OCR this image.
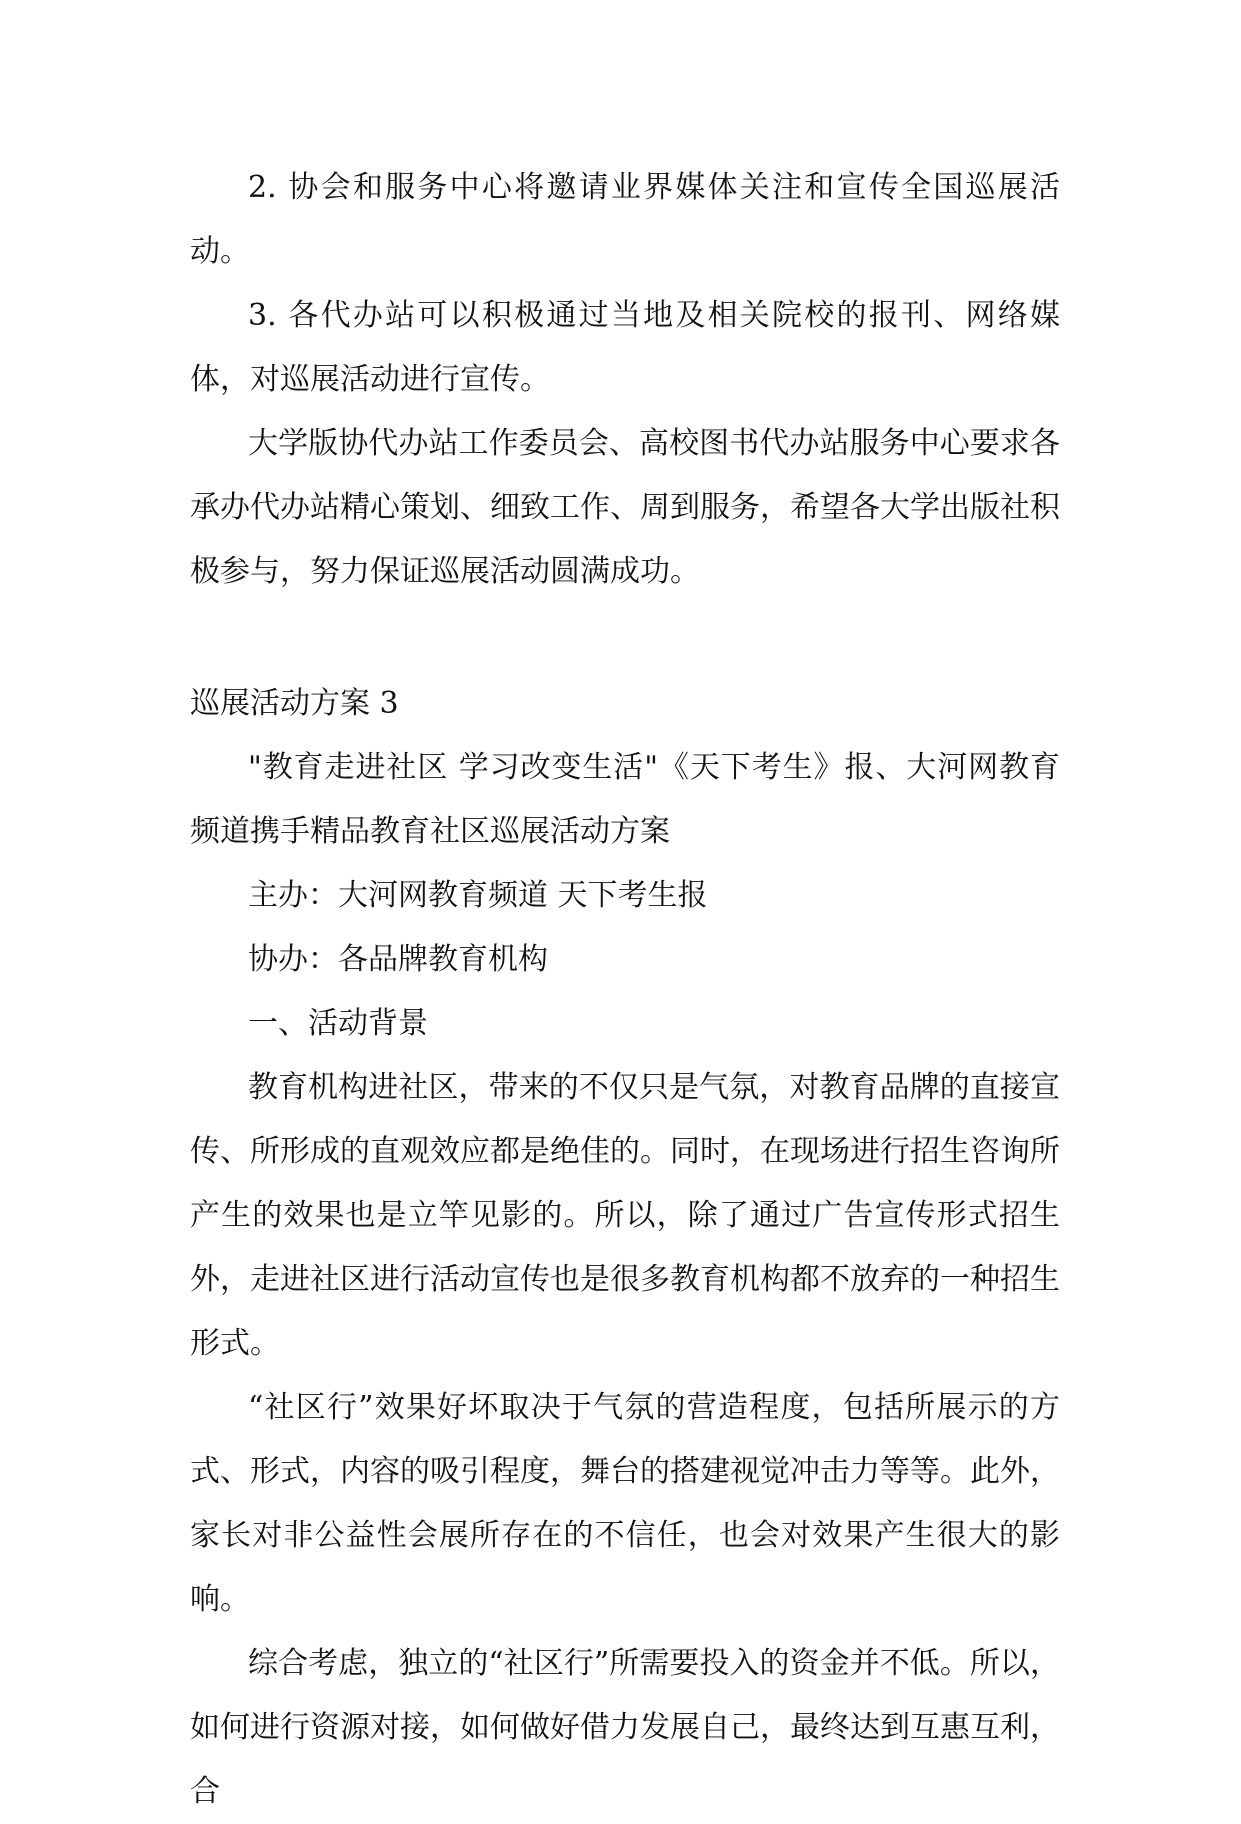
2. 协会和服务中心将邀请业界媒体关注和宣传全国巡展活动。

3. 各代办站可以积极通过当地及相关院校的报刊、网络媒体，对巡展活动进行宣传。

大学版协代办站工作委员会、高校图书代办站服务中心要求各承办代办站精心策划、细致工作、周到服务，希望各大学出版社积极参与，努力保证巡展活动圆满成功。

巡展活动方案 3

"教育走进社区 学习改变生活"《天下考生》报、大河网教育频道携手精品教育社区巡展活动方案

主办：大河网教育频道 天下考生报

协办：各品牌教育机构

一、活动背景

教育机构进社区，带来的不仅只是气氛，对教育品牌的直接宣传、所形成的直观效应都是绝佳的。同时，在现场进行招生咨询所产生的效果也是立竿见影的。所以，除了通过广告宣传形式招生外，走进社区进行活动宣传也是很多教育机构都不放弃的一种招生形式。

“社区行”效果好坏取决于气氛的营造程度，包括所展示的方式、形式，内容的吸引程度，舞台的搭建视觉冲击力等等。此外，家长对非公益性会展所存在的不信任，也会对效果产生很大的影响。

综合考虑，独立的“社区行”所需要投入的资金并不低。所以，如何进行资源对接，如何做好借力发展自己，最终达到互惠互利，合
